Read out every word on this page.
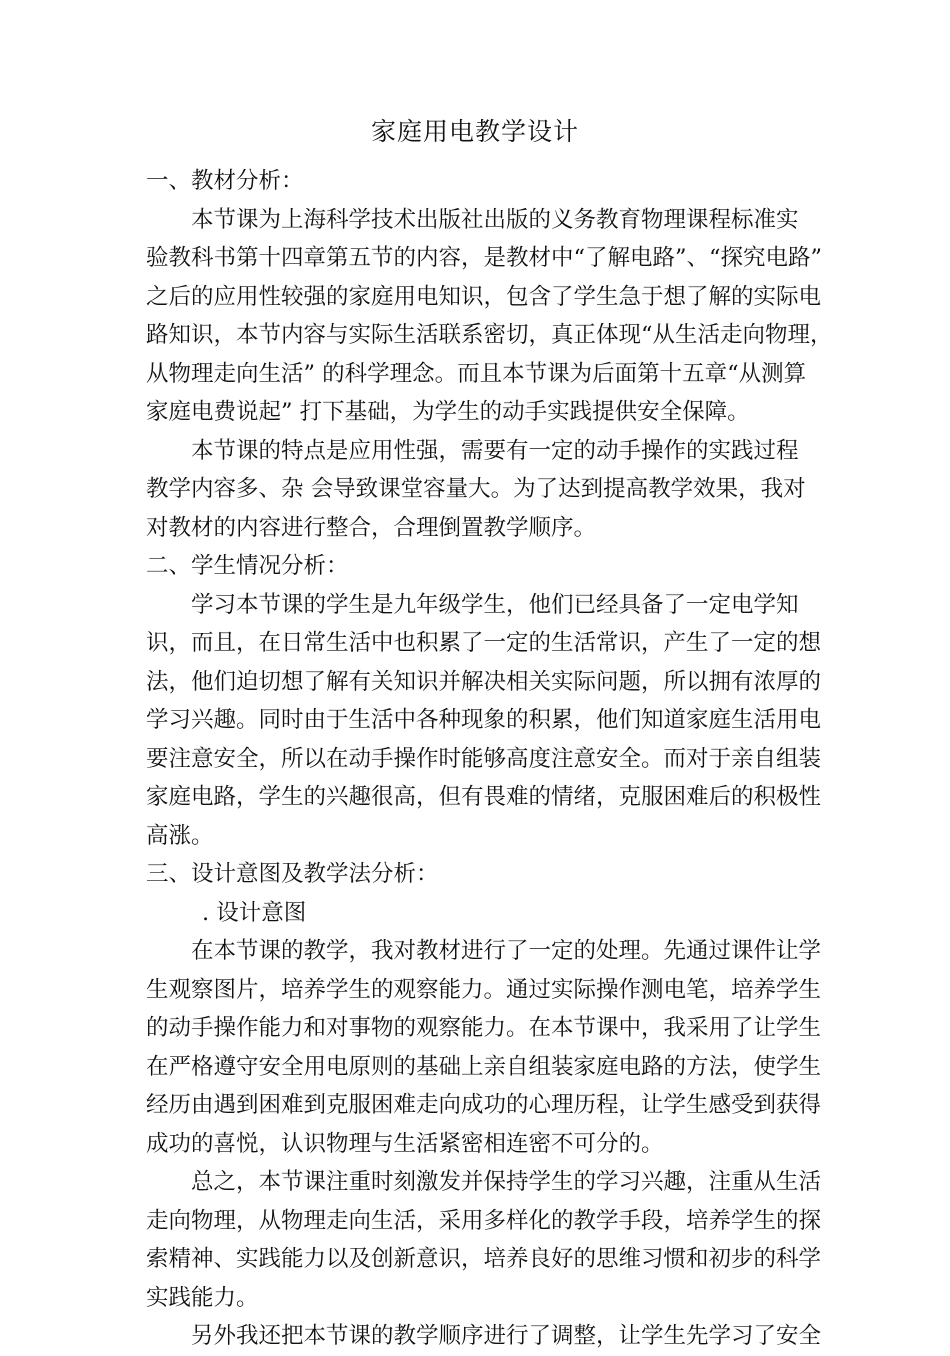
家庭用电教学设计
一、教材分析：
本节课为上海科学技术出版社出版的义务教育物理课程标准实
验教科书第十四章第五节的内容，是教材中“了解电路”、“探究电路”
之后的应用性较强的家庭用电知识，包含了学生急于想了解的实际电
路知识，本节内容与实际生活联系密切，真正体现“从生活走向物理，
从物理走向生活” 的科学理念。而且本节课为后面第十五章“从测算
家庭电费说起” 打下基础，为学生的动手实践提供安全保障。
本节课的特点是应用性强，需要有一定的动手操作的实践过程
教学内容多、杂 会导致课堂容量大。为了达到提高教学效果，我对
对教材的内容进行整合，合理倒置教学顺序。
二、学生情况分析：
学习本节课的学生是九年级学生，他们已经具备了一定电学知
识，而且，在日常生活中也积累了一定的生活常识，产生了一定的想
法，他们迫切想了解有关知识并解决相关实际问题，所以拥有浓厚的
学习兴趣。同时由于生活中各种现象的积累，他们知道家庭生活用电
要注意安全，所以在动手操作时能够高度注意安全。而对于亲自组装
家庭电路，学生的兴趣很高，但有畏难的情绪，克服困难后的积极性
高涨。
三、设计意图及教学法分析：
. 设计意图
在本节课的教学，我对教材进行了一定的处理。先通过课件让学
生观察图片，培养学生的观察能力。通过实际操作测电笔，培养学生
的动手操作能力和对事物的观察能力。在本节课中，我采用了让学生
在严格遵守安全用电原则的基础上亲自组装家庭电路的方法，使学生
经历由遇到困难到克服困难走向成功的心理历程，让学生感受到获得
成功的喜悦，认识物理与生活紧密相连密不可分的。
总之，本节课注重时刻激发并保持学生的学习兴趣，注重从生活
走向物理，从物理走向生活，采用多样化的教学手段，培养学生的探
索精神、实践能力以及创新意识，培养良好的思维习惯和初步的科学
实践能力。
另外我还把本节课的教学顺序进行了调整，让学生先学习了安全
